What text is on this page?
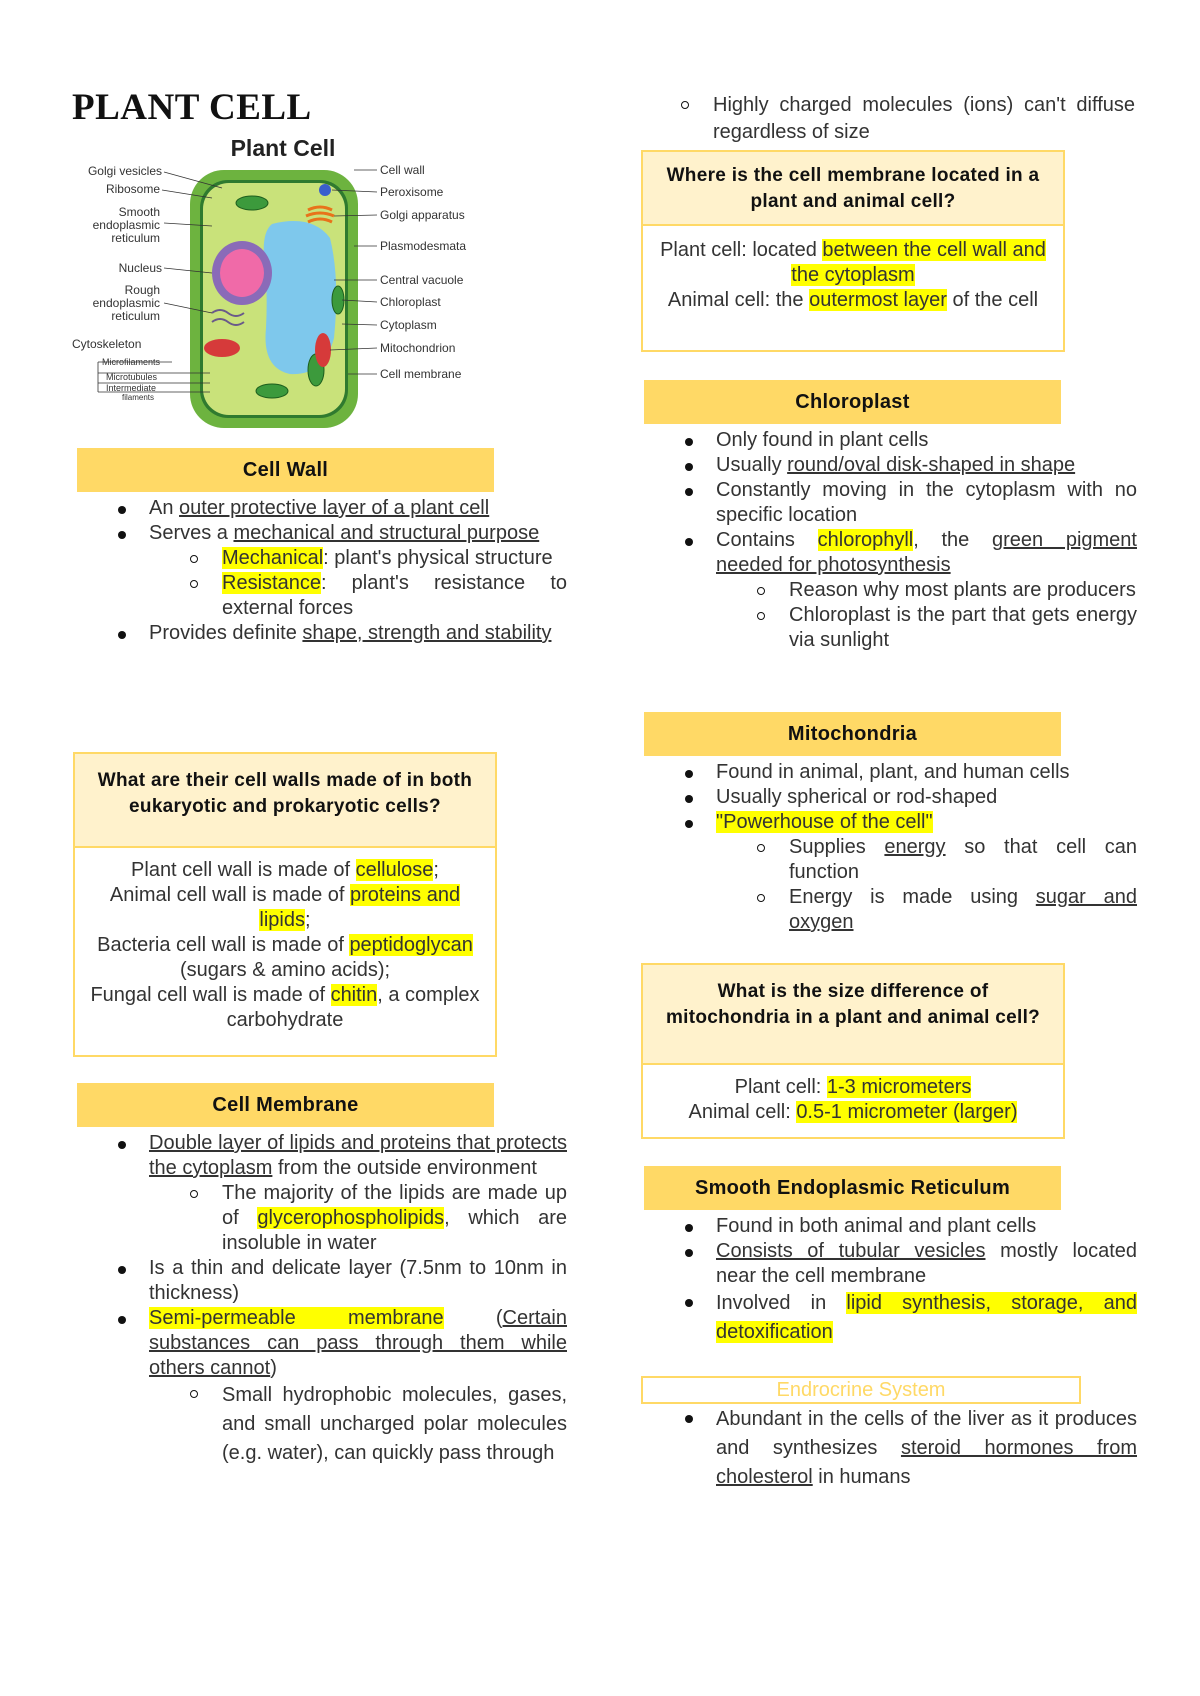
PLANT CELL
Plant Cell
Golgi vesicles
Ribosome
Smooth
endoplasmic
reticulum
Nucleus
Rough
endoplasmic
reticulum
Cytoskeleton
Microfilaments
Microtubules
Intermediate
filaments
Cell wall
Peroxisome
Golgi apparatus
Plasmodesmata
Central vacuole
Chloroplast
Cytoplasm
Mitochondrion
Cell membrane
Cell Wall
An outer protective layer of a plant cell
Serves a mechanical and structural purpose
Mechanical: plant's physical structure
Resistance: plant's resistance to external forces
Provides definite shape, strength and stability
What are their cell walls made of in both eukaryotic and prokaryotic cells?
Plant cell wall is made of cellulose;
Animal cell wall is made of proteins and lipids;
Bacteria cell wall is made of peptidoglycan (sugars & amino acids);
Fungal cell wall is made of chitin, a complex carbohydrate
Cell Membrane
Double layer of lipids and proteins that protects the cytoplasm from the outside environment
The majority of the lipids are made up of glycerophospholipids, which are insoluble in water
Is a thin and delicate layer (7.5nm to 10nm in thickness)
Semi-permeable membrane (Certain substances can pass through them while others cannot)
Small hydrophobic molecules, gases, and small uncharged polar molecules (e.g. water), can quickly pass through
Highly charged molecules (ions) can't diffuse regardless of size
Where is the cell membrane located in a plant and animal cell?
Plant cell: located between the cell wall and the cytoplasm
Animal cell: the outermost layer of the cell
Chloroplast
Only found in plant cells
Usually round/oval disk-shaped in shape
Constantly moving in the cytoplasm with no specific location
Contains chlorophyll, the green pigment needed for photosynthesis
Reason why most plants are producers
Chloroplast is the part that gets energy via sunlight
Mitochondria
Found in animal, plant, and human cells
Usually spherical or rod-shaped
"Powerhouse of the cell"
Supplies energy so that cell can function
Energy is made using sugar and oxygen
What is the size difference of mitochondria in a plant and animal cell?
Plant cell: 1-3 micrometers
Animal cell: 0.5-1 micrometer (larger)
Smooth Endoplasmic Reticulum
Found in both animal and plant cells
Consists of tubular vesicles mostly located near the cell membrane
Involved in lipid synthesis, storage, and detoxification
Endrocrine System
Abundant in the cells of the liver as it produces and synthesizes steroid hormones from cholesterol in humans
